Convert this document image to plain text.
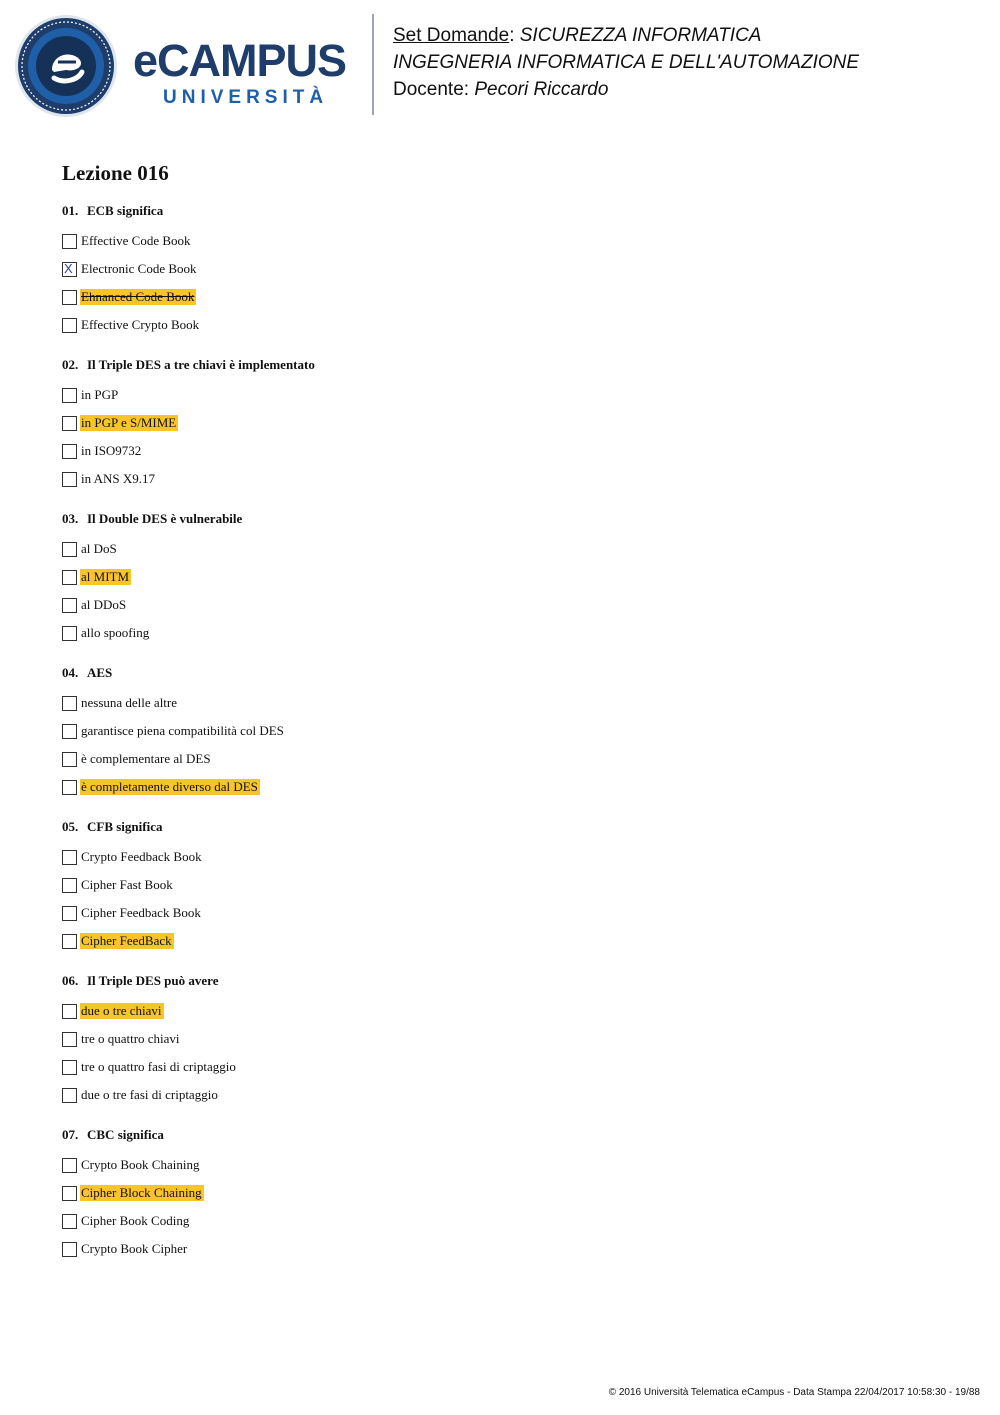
eCAMPUS
UNIVERSITÀ
Set Domande: SICUREZZA INFORMATICA
INGEGNERIA INFORMATICA E DELL'AUTOMAZIONE
Docente: Pecori Riccardo
Lezione 016
01. ECB significa
Effective Code Book
X Electronic Code Book
Ehnanced Code Book
Effective Crypto Book
02. Il Triple DES a tre chiavi è implementato
in PGP
in PGP e S/MIME
in ISO9732
in ANS X9.17
03. Il Double DES è vulnerabile
al DoS
al MITM
al DDoS
allo spoofing
04. AES
nessuna delle altre
garantisce piena compatibilità col DES
è complementare al DES
è completamente diverso dal DES
05. CFB significa
Crypto Feedback Book
Cipher Fast Book
Cipher Feedback Book
Cipher FeedBack
06. Il Triple DES può avere
due o tre chiavi
tre o quattro chiavi
tre o quattro fasi di criptaggio
due o tre fasi di criptaggio
07. CBC significa
Crypto Book Chaining
Cipher Block Chaining
Cipher Book Coding
Crypto Book Cipher
© 2016 Università Telematica eCampus - Data Stampa 22/04/2017 10:58:30 - 19/88
